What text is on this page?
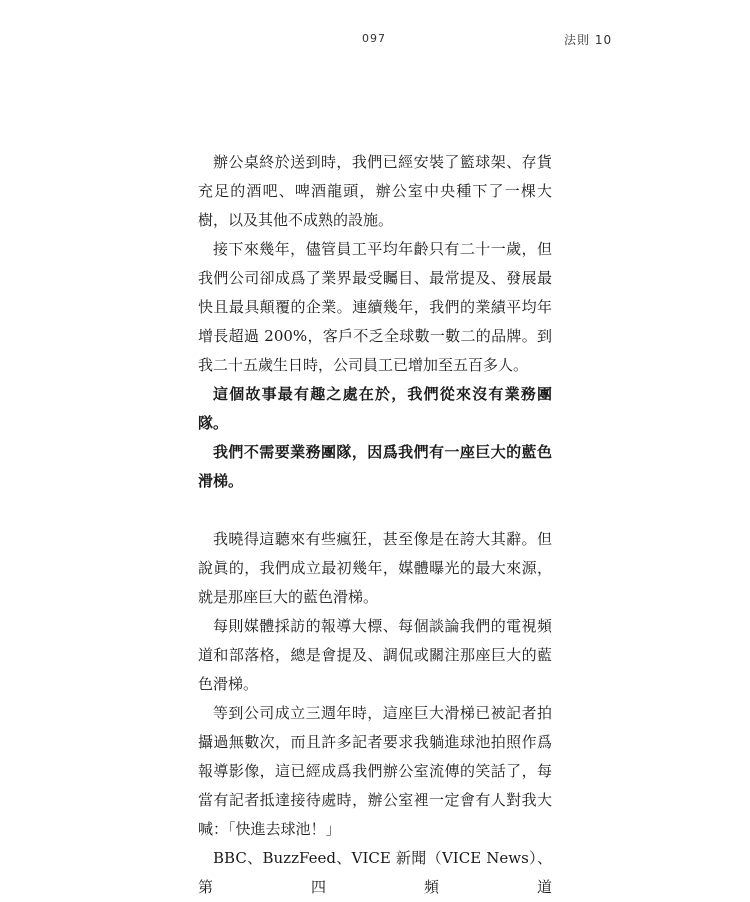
097	法則 10

辦公桌終於送到時，我們已經安裝了籃球架、存貨充足的酒吧、啤酒龍頭，辦公室中央種下了一棵大樹，以及其他不成熟的設施。

接下來幾年，儘管員工平均年齡只有二十一歲，但我們公司卻成爲了業界最受矚目、最常提及、發展最快且最具顛覆的企業。連續幾年，我們的業績平均年增長超過 200%，客戶不乏全球數一數二的品牌。到我二十五歲生日時，公司員工已增加至五百多人。

這個故事最有趣之處在於，我們從來沒有業務團隊。

我們不需要業務團隊，因爲我們有一座巨大的藍色滑梯。

我曉得這聽來有些瘋狂，甚至像是在誇大其辭。但說眞的，我們成立最初幾年，媒體曝光的最大來源，就是那座巨大的藍色滑梯。

每則媒體採訪的報導大標、每個談論我們的電視頻道和部落格，總是會提及、調侃或關注那座巨大的藍色滑梯。

等到公司成立三週年時，這座巨大滑梯已被記者拍攝過無數次，而且許多記者要求我躺進球池拍照作爲報導影像，這已經成爲我們辦公室流傳的笑話了，每當有記者抵達接待處時，辦公室裡一定會有人對我大喊：「快進去球池！」

BBC、BuzzFeed、VICE 新聞（VICE News）、第四頻道
